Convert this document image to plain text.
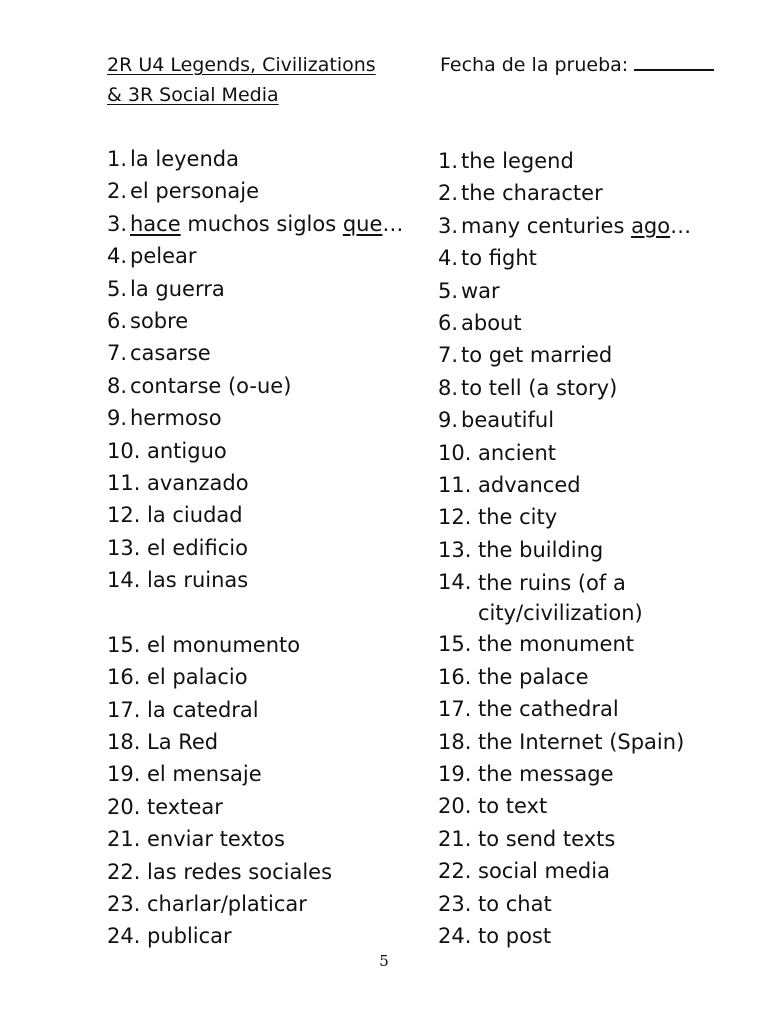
2R U4 Legends, Civilizations
& 3R Social Media
Fecha de la prueba:
1. la leyenda
2. el personaje
3. hace muchos siglos que…
4. pelear
5. la guerra
6. sobre
7. casarse
8. contarse (o-ue)
9. hermoso
10. antiguo
11. avanzado
12. la ciudad
13. el edificio
14. las ruinas
15. el monumento
16. el palacio
17. la catedral
18. La Red
19. el mensaje
20. textear
21. enviar textos
22. las redes sociales
23. charlar/platicar
24. publicar
1. the legend
2. the character
3. many centuries ago…
4. to fight
5. war
6. about
7. to get married
8. to tell (a story)
9. beautiful
10. ancient
11. advanced
12. the city
13. the building
14. the ruins (of a city/civilization)
15. the monument
16. the palace
17. the cathedral
18. the Internet (Spain)
19. the message
20. to text
21. to send texts
22. social media
23. to chat
24. to post
5
